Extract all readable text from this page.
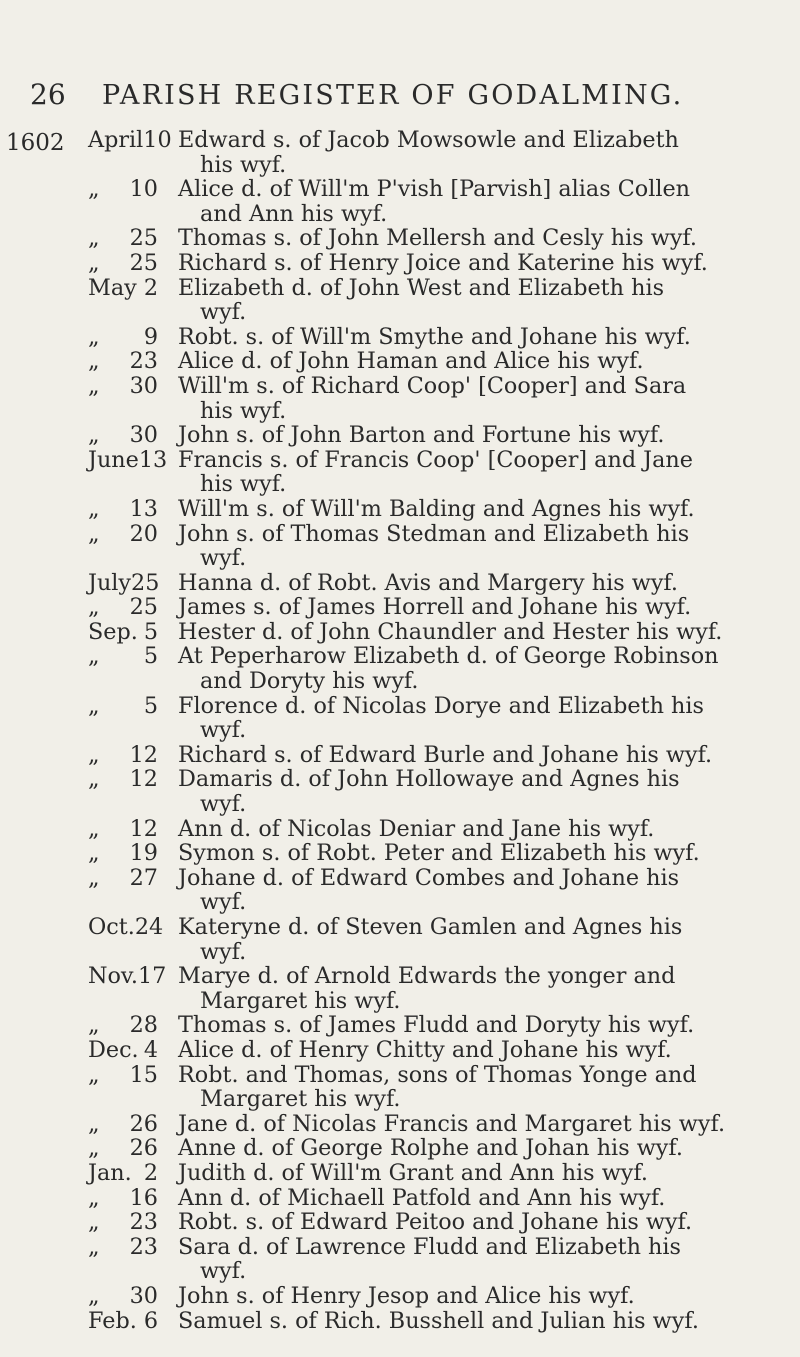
26	PARISH REGISTER OF GODALMING.
1602 April 10 Edward s. of Jacob Mowsowle and Elizabeth
his wyf.
„ 10 Alice d. of Will'm P'vish [Parvish] alias Collen
and Ann his wyf.
„ 25 Thomas s. of John Mellersh and Cesly his wyf.
„ 25 Richard s. of Henry Joice and Katerine his wyf.
May 2 Elizabeth d. of John West and Elizabeth his
wyf.
„ 9 Robt. s. of Will'm Smythe and Johane his wyf.
„ 23 Alice d. of John Haman and Alice his wyf.
„ 30 Will'm s. of Richard Coop' [Cooper] and Sara
his wyf.
„ 30 John s. of John Barton and Fortune his wyf.
June 13 Francis s. of Francis Coop' [Cooper] and Jane
his wyf.
„ 13 Will'm s. of Will'm Balding and Agnes his wyf.
„ 20 John s. of Thomas Stedman and Elizabeth his
wyf.
July 25 Hanna d. of Robt. Avis and Margery his wyf.
„ 25 James s. of James Horrell and Johane his wyf.
Sep. 5 Hester d. of John Chaundler and Hester his wyf.
„ 5 At Peperharow Elizabeth d. of George Robinson
and Doryty his wyf.
„ 5 Florence d. of Nicolas Dorye and Elizabeth his
wyf.
„ 12 Richard s. of Edward Burle and Johane his wyf.
„ 12 Damaris d. of John Hollowaye and Agnes his
wyf.
„ 12 Ann d. of Nicolas Deniar and Jane his wyf.
„ 19 Symon s. of Robt. Peter and Elizabeth his wyf.
„ 27 Johane d. of Edward Combes and Johane his
wyf.
Oct. 24 Kateryne d. of Steven Gamlen and Agnes his
wyf.
Nov. 17 Marye d. of Arnold Edwards the yonger and
Margaret his wyf.
„ 28 Thomas s. of James Fludd and Doryty his wyf.
Dec. 4 Alice d. of Henry Chitty and Johane his wyf.
„ 15 Robt. and Thomas, sons of Thomas Yonge and
Margaret his wyf.
„ 26 Jane d. of Nicolas Francis and Margaret his wyf.
„ 26 Anne d. of George Rolphe and Johan his wyf.
Jan. 2 Judith d. of Will'm Grant and Ann his wyf.
„ 16 Ann d. of Michaell Patfold and Ann his wyf.
„ 23 Robt. s. of Edward Peitoo and Johane his wyf.
„ 23 Sara d. of Lawrence Fludd and Elizabeth his
wyf.
„ 30 John s. of Henry Jesop and Alice his wyf.
Feb. 6 Samuel s. of Rich. Busshell and Julian his wyf.
